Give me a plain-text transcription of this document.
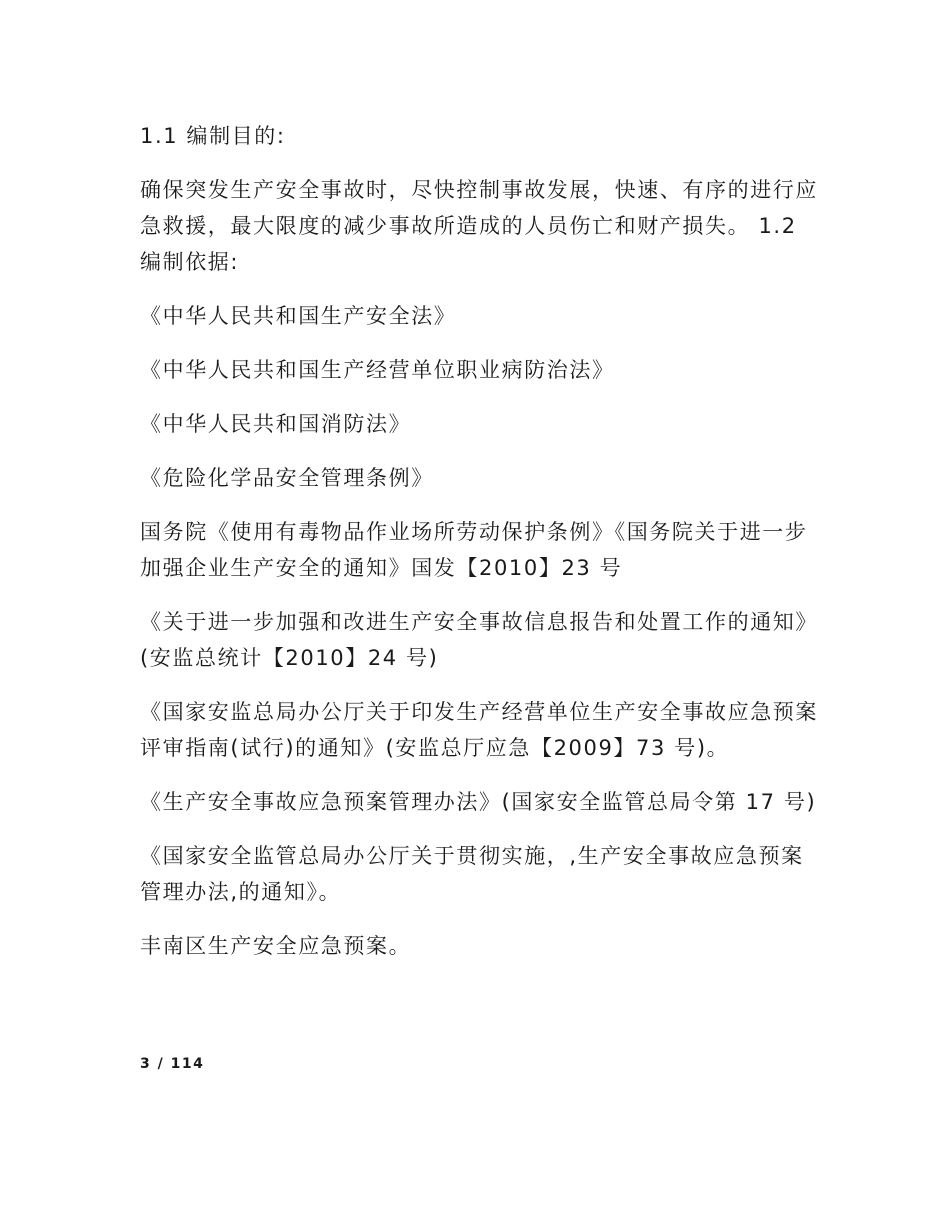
1.1 编制目的:

确保突发生产安全事故时，尽快控制事故发展，快速、有序的进行应急救援，最大限度的减少事故所造成的人员伤亡和财产损失。 1.2 编制依据:

《中华人民共和国生产安全法》

《中华人民共和国生产经营单位职业病防治法》

《中华人民共和国消防法》

《危险化学品安全管理条例》

国务院《使用有毒物品作业场所劳动保护条例》《国务院关于进一步加强企业生产安全的通知》国发【2010】23 号

《关于进一步加强和改进生产安全事故信息报告和处置工作的通知》(安监总统计【2010】24 号)

《国家安监总局办公厅关于印发生产经营单位生产安全事故应急预案评审指南(试行)的通知》(安监总厅应急【2009】73 号)。

《生产安全事故应急预案管理办法》(国家安全监管总局令第 17 号)

《国家安全监管总局办公厅关于贯彻实施，,生产安全事故应急预案管理办法,的通知》。

丰南区生产安全应急预案。

3 / 114
